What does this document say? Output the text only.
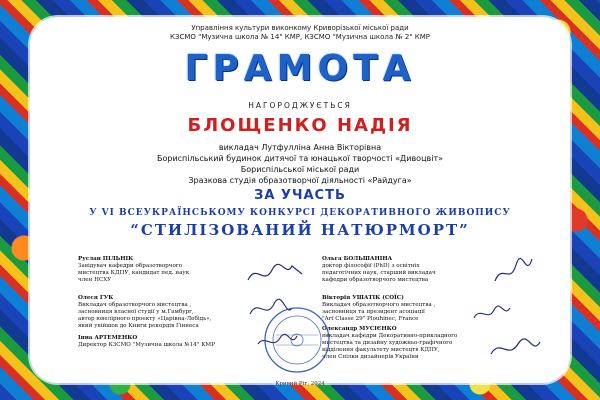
Управління культури виконкому Криворізької міської ради
КЗСМО "Музична школа № 14" КМР, КЗСМО "Музична школа № 2" КМР
ГРАМОТА
НАГОРОДЖУЄТЬСЯ
БЛОЩЕНКО НАДІЯ
викладач Лутфулліна Анна Вікторівна
Бориспільський будинок дитячої та юнацької творчості «Дивоцвіт»
Бориспільської міської ради
Зразкова студія образотворчої діяльності «Райдуга»
ЗА УЧАСТЬ
У VI ВСЕУКРАЇНСЬКОМУ КОНКУРСІ ДЕКОРАТИВНОГО ЖИВОПИСУ
“СТИЛІЗОВАНИЙ НАТЮРМОРТ”
Руслан ПІЛЬНІК
Завідувач кафедри образотворчого
мистецтва КДПУ, кандидат пед. наук
член НСХУ
Олеся ГУК
Викладач образотворчого мистецтва ,
засновниця власної студії у м.Гамбург,
автор ювелірного проекту «Царівна-Лебідь»,
який увійшов до Книги рекордів Гіннеса
Інна АРТЕМЕНКО
Директор КЗСМО "Музична школа №14" КМР
Ольга БОЛЬШАНІНА
доктор філософії (PhD) з освітніх
педагогічних наук, старший викладач
кафедри образотворчого мистецтва
Вікторія УШАТІК (СОЇС)
Викладач образотворчого мистецтва ,
засновниця та президент асоціації
"Art Classe 29" Plouhinec, France
Олександр МУСІЄНКО
викладач кафедри Декоративно-прикладного
мистецтва та дизайну художньо-графічного
відділення факультету мистецтв КДПУ,
член Спілки дизайнерів України
Кривий Ріг, 2024
